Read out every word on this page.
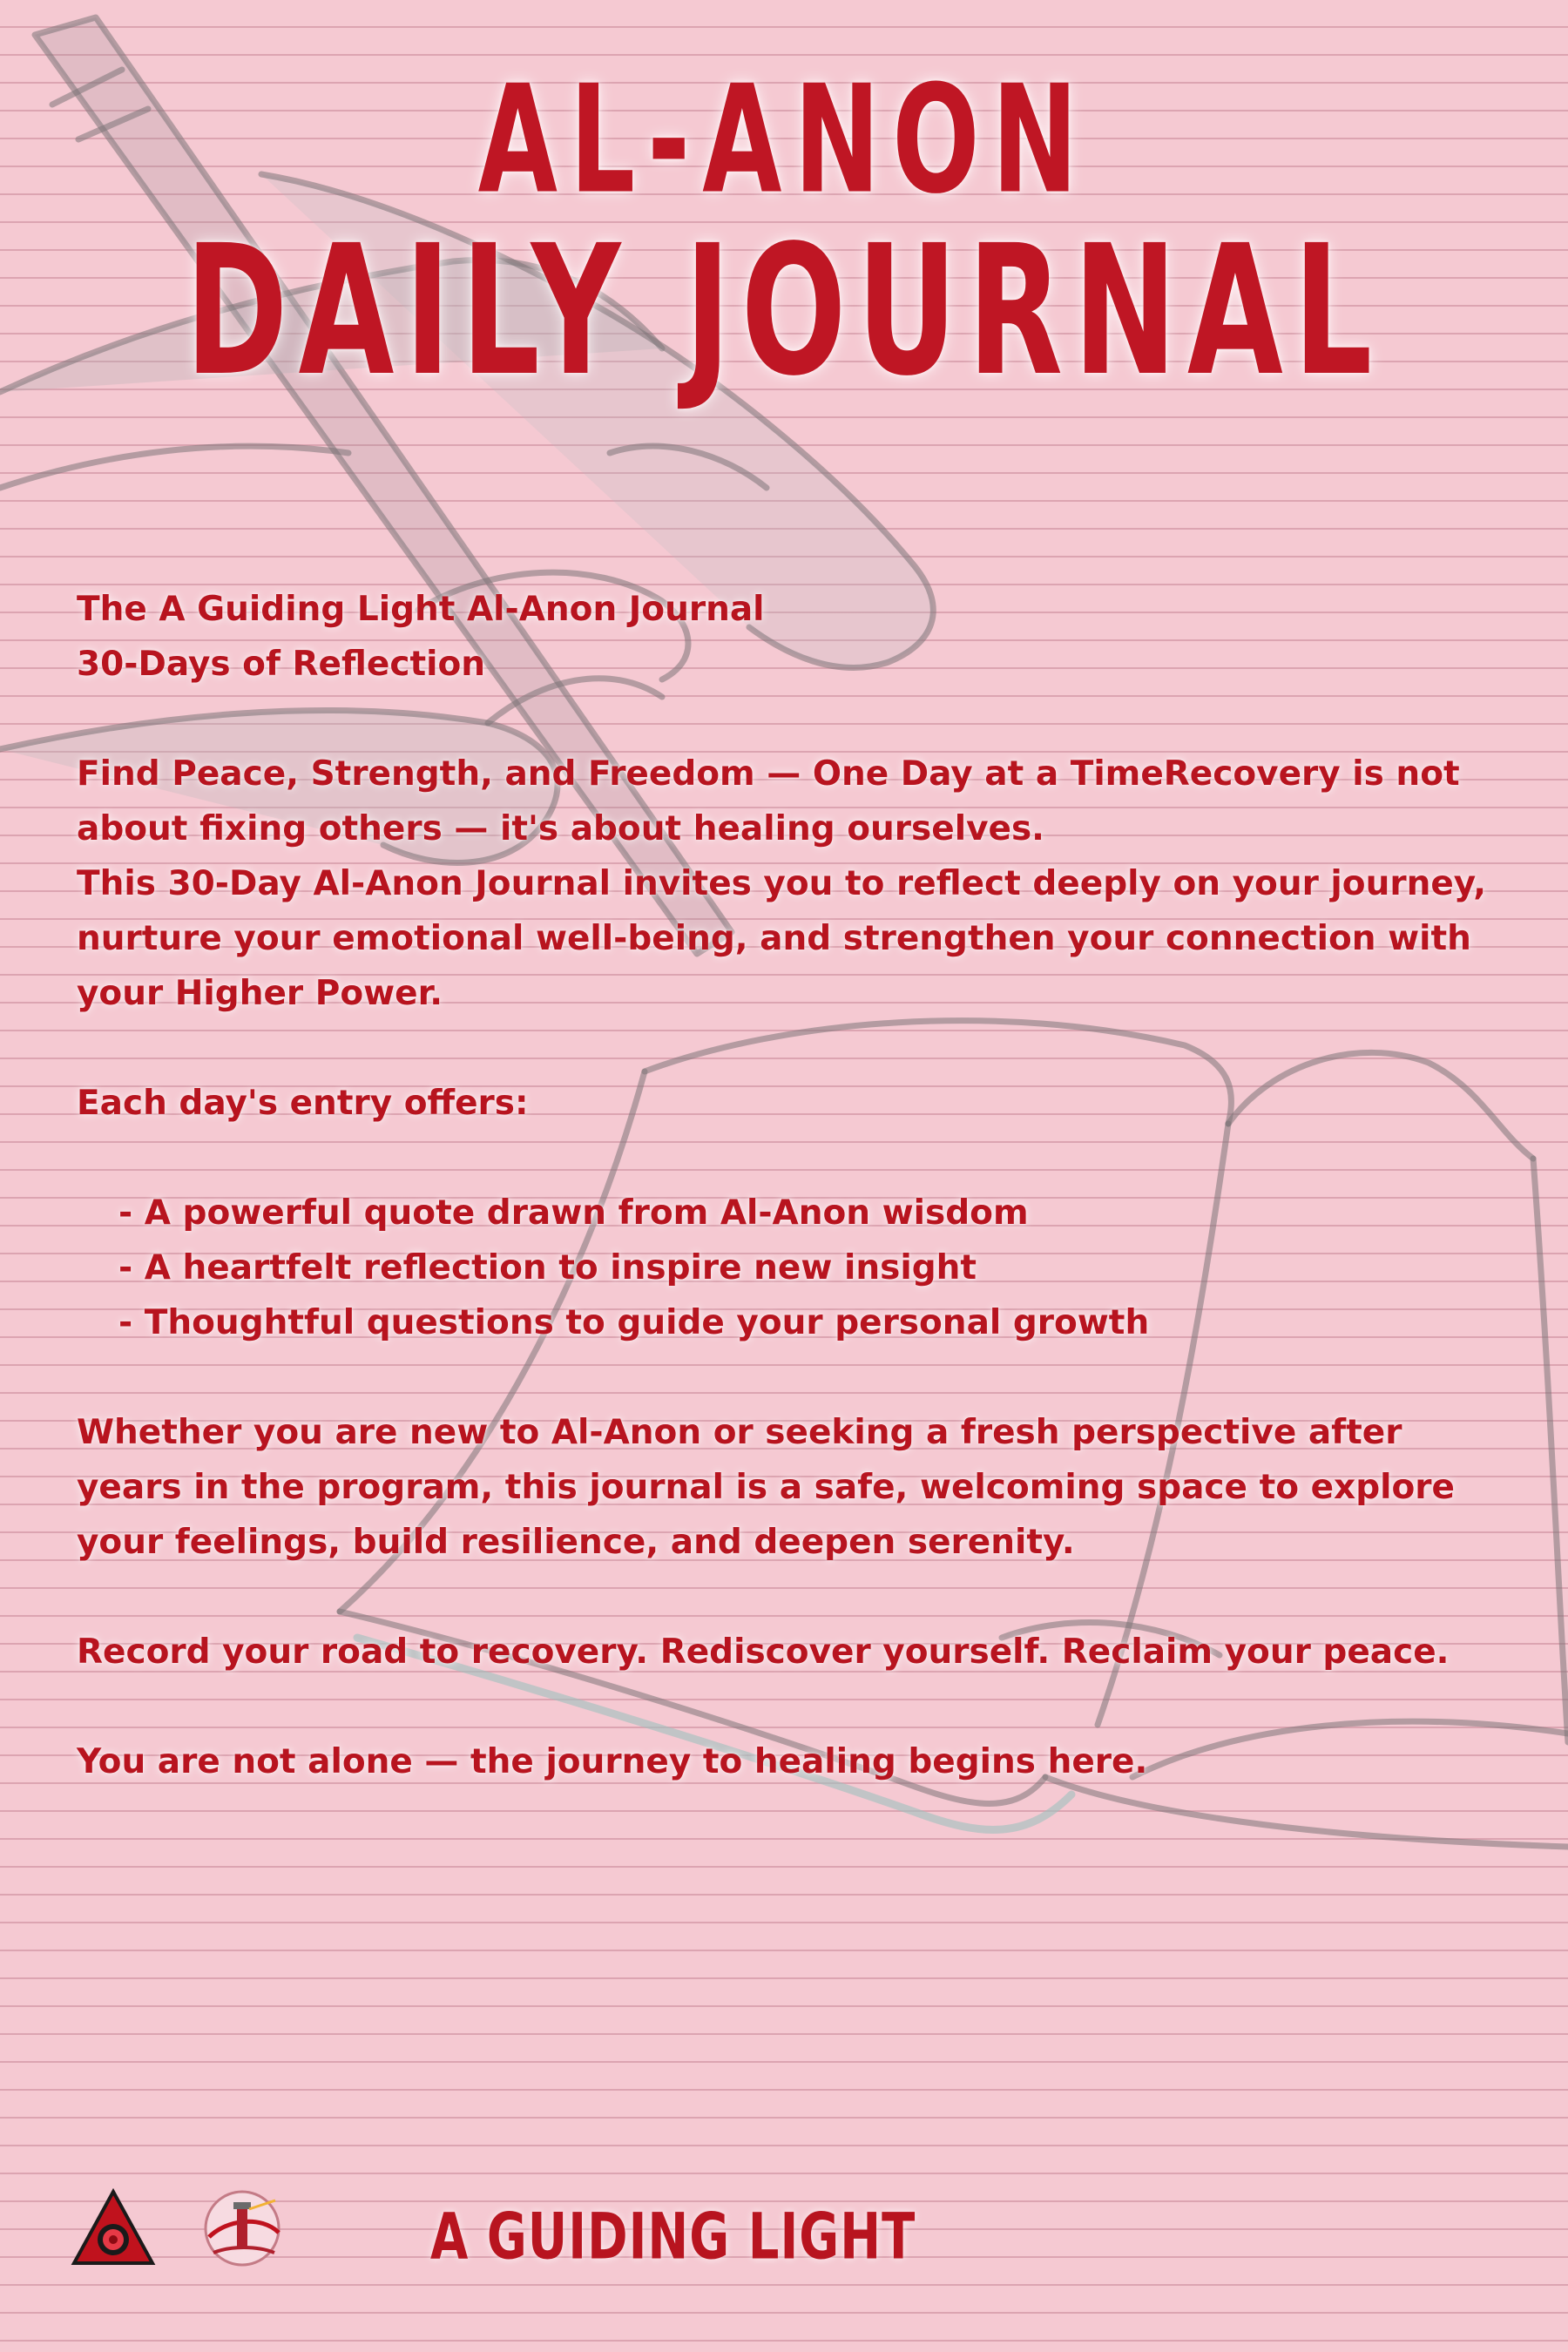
AL-ANON
DAILY JOURNAL

The A Guiding Light Al-Anon Journal
30-Days of Reflection

Find Peace, Strength, and Freedom — One Day at a TimeRecovery is not
about fixing others — it's about healing ourselves.
This 30-Day Al-Anon Journal invites you to reflect deeply on your journey,
nurture your emotional well-being, and strengthen your connection with
your Higher Power.

Each day's entry offers:

- A powerful quote drawn from Al-Anon wisdom
- A heartfelt reflection to inspire new insight
- Thoughtful questions to guide your personal growth

Whether you are new to Al-Anon or seeking a fresh perspective after
years in the program, this journal is a safe, welcoming space to explore
your feelings, build resilience, and deepen serenity.

Record your road to recovery. Rediscover yourself. Reclaim your peace.

You are not alone — the journey to healing begins here.

A GUIDING LIGHT
